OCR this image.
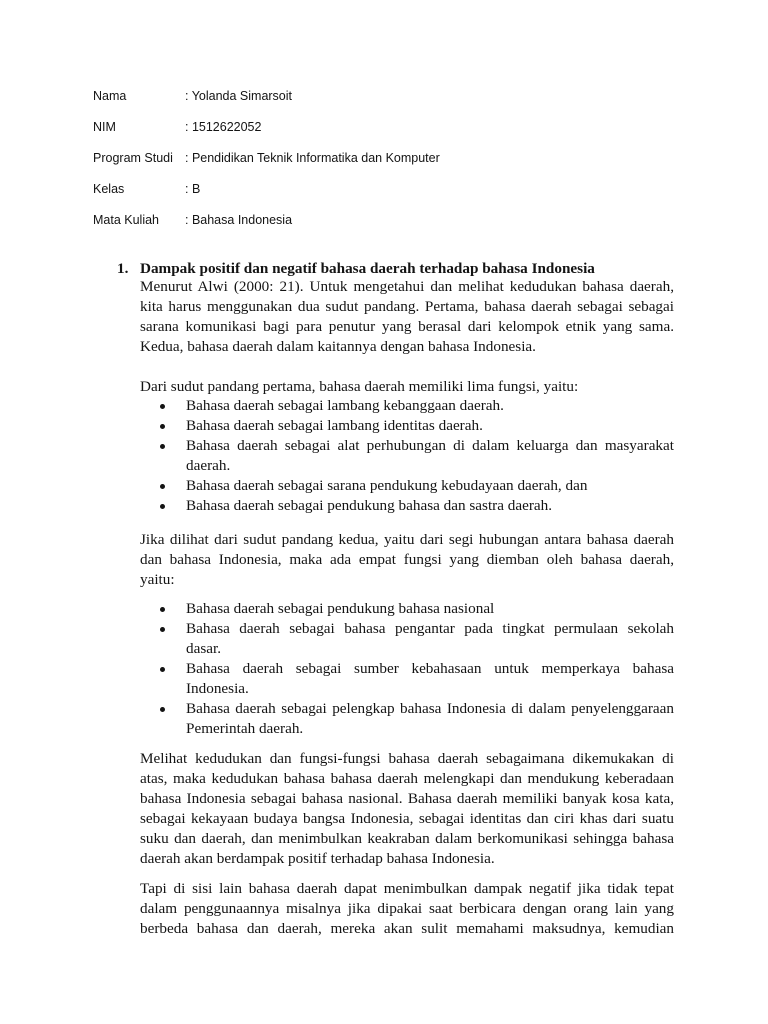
Nama	: Yolanda Simarsoit
NIM	: 1512622052
Program Studi : Pendidikan Teknik Informatika dan Komputer
Kelas	: B
Mata Kuliah : Bahasa Indonesia
1. Dampak positif dan negatif bahasa daerah terhadap bahasa Indonesia
Menurut Alwi (2000: 21). Untuk mengetahui dan melihat kedudukan bahasa daerah,
kita harus menggunakan dua sudut pandang. Pertama, bahasa daerah sebagai sebagai
sarana komunikasi bagi para penutur yang berasal dari kelompok etnik yang sama.
Kedua, bahasa daerah dalam kaitannya dengan bahasa Indonesia.
Dari sudut pandang pertama, bahasa daerah memiliki lima fungsi, yaitu:
Bahasa daerah sebagai lambang kebanggaan daerah.
Bahasa daerah sebagai lambang identitas daerah.
Bahasa daerah sebagai alat perhubungan di dalam keluarga dan masyarakat
daerah.
Bahasa daerah sebagai sarana pendukung kebudayaan daerah, dan
Bahasa daerah sebagai pendukung bahasa dan sastra daerah.
Jika dilihat dari sudut pandang kedua, yaitu dari segi hubungan antara bahasa daerah
dan bahasa Indonesia, maka ada empat fungsi yang diemban oleh bahasa daerah,
yaitu:
Bahasa daerah sebagai pendukung bahasa nasional
Bahasa daerah sebagai bahasa pengantar pada tingkat permulaan sekolah
dasar.
Bahasa daerah sebagai sumber kebahasaan untuk memperkaya bahasa
Indonesia.
Bahasa daerah sebagai pelengkap bahasa Indonesia di dalam penyelenggaraan
Pemerintah daerah.
Melihat kedudukan dan fungsi-fungsi bahasa daerah sebagaimana dikemukakan di
atas, maka kedudukan bahasa bahasa daerah melengkapi dan mendukung keberadaan
bahasa Indonesia sebagai bahasa nasional. Bahasa daerah memiliki banyak kosa kata,
sebagai kekayaan budaya bangsa Indonesia, sebagai identitas dan ciri khas dari suatu
suku dan daerah, dan menimbulkan keakraban dalam berkomunikasi sehingga bahasa
daerah akan berdampak positif terhadap bahasa Indonesia.
Tapi di sisi lain bahasa daerah dapat menimbulkan dampak negatif jika tidak tepat
dalam penggunaannya misalnya jika dipakai saat berbicara dengan orang lain yang
berbeda bahasa dan daerah, mereka akan sulit memahami maksudnya, kemudian
